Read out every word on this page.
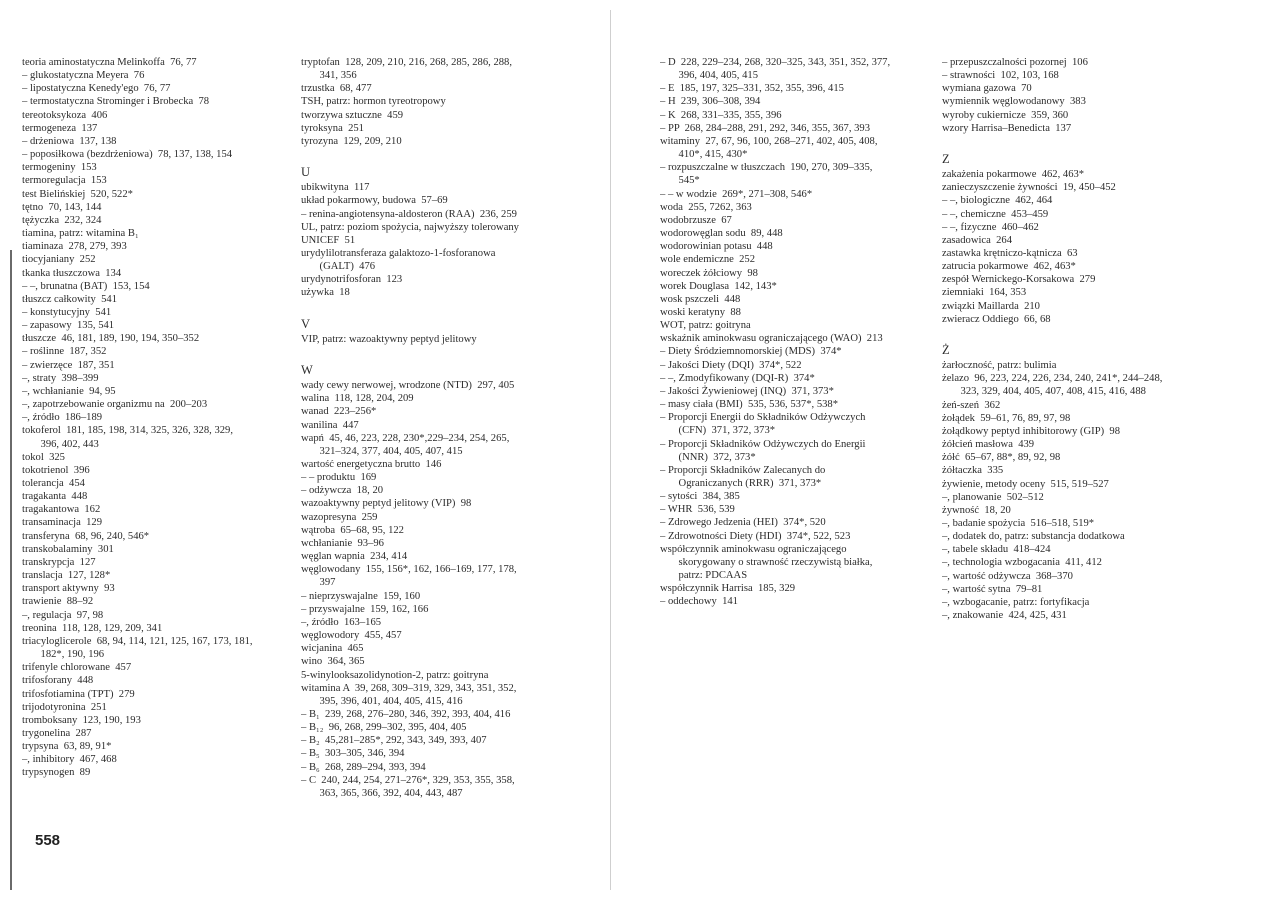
teoria aminostatyczna Melinkoffa  76, 77
– glukostatyczna Meyera  76
– lipostatyczna Kenedy'ego  76, 77
– termostatyczna Strominger i Brobecka  78
tereotoksykoza  406
termogeneza  137
– drżeniowa  137, 138
– poposiłkowa (bezdrżeniowa)  78, 137, 138, 154
termogeniny  153
termoregulacja  153
test Bielińskiej  520, 522*
tętno  70, 143, 144
tężyczka  232, 324
tiamina, patrz: witamina B₁
tiaminaza  278, 279, 393
tiocyjaniany  252
tkanka tłuszczowa  134
– –, brunatna (BAT)  153, 154
tłuszcz całkowity  541
– konstytucyjny  541
– zapasowy  135, 541
tłuszcze  46, 181, 189, 190, 194, 350–352
– roślinne  187, 352
– zwierzęce  187, 351
–, straty  398–399
–, wchłanianie  94, 95
–, zapotrzebowanie organizmu na  200–203
–, źródło  186–189
tokoferol  181, 185, 198, 314, 325, 326, 328, 329,
396, 402, 443
tokol  325
tokotrienol  396
tolerancja  454
tragakanta  448
tragakantowa  162
transaminacja  129
transferyna  68, 96, 240, 546*
transkobalaminy  301
transkrypcja  127
translacja  127, 128*
transport aktywny  93
trawienie  88–92
–, regulacja  97, 98
treonina  118, 128, 129, 209, 341
triacyloglicerole  68, 94, 114, 121, 125, 167, 173, 181,
182*, 190, 196
trifenyle chlorowane  457
trifosforany  448
trifosfotiamina (TPT)  279
trijodotyronina  251
tromboksany  123, 190, 193
trygonelina  287
trypsyna  63, 89, 91*
–, inhibitory  467, 468
trypsynogen  89
tryptofan  128, 209, 210, 216, 268, 285, 286, 288,
341, 356
trzustka  68, 477
TSH, patrz: hormon tyreotropowy
tworzywa sztuczne  459
tyroksyna  251
tyrozyna  129, 209, 210
U
ubikwityna  117
układ pokarmowy, budowa  57–69
– renina-angiotensyna-aldosteron (RAA)  236, 259
UL, patrz: poziom spożycia, najwyższy tolerowany
UNICEF  51
urydylilotransferaza galaktozo-1-fosforanowa
(GALT)  476
urydynotrifosforan  123
używka  18
V
VIP, patrz: wazoaktywny peptyd jelitowy
W
wady cewy nerwowej, wrodzone (NTD)  297, 405
walina  118, 128, 204, 209
wanad  223–256*
wanilina  447
wapń  45, 46, 223, 228, 230*,229–234, 254, 265,
321–324, 377, 404, 405, 407, 415
wartość energetyczna brutto  146
– – produktu  169
– odżywcza  18, 20
wazoaktywny peptyd jelitowy (VIP)  98
wazopresyna  259
wątroba  65–68, 95, 122
wchłanianie  93–96
węglan wapnia  234, 414
węglowodany  155, 156*, 162, 166–169, 177, 178,
397
– nieprzyswajalne  159, 160
– przyswajalne  159, 162, 166
–, źródło  163–165
węglowodory  455, 457
wicjanina  465
wino  364, 365
5-winylooksazolidynotion-2, patrz: goitryna
witamina A  39, 268, 309–319, 329, 343, 351, 352,
395, 396, 401, 404, 405, 415, 416
– B₁  239, 268, 276–280, 346, 392, 393, 404, 416
– B₁₂  96, 268, 299–302, 395, 404, 405
– B₂  45,281–285*, 292, 343, 349, 393, 407
– B₅  303–305, 346, 394
– B₆  268, 289–294, 393, 394
– C  240, 244, 254, 271–276*, 329, 353, 355, 358,
363, 365, 366, 392, 404, 443, 487
– D  228, 229–234, 268, 320–325, 343, 351, 352, 377,
396, 404, 405, 415
– E  185, 197, 325–331, 352, 355, 396, 415
– H  239, 306–308, 394
– K  268, 331–335, 355, 396
– PP  268, 284–288, 291, 292, 346, 355, 367, 393
witaminy  27, 67, 96, 100, 268–271, 402, 405, 408,
410*, 415, 430*
– rozpuszczalne w tłuszczach  190, 270, 309–335,
545*
– – w wodzie  269*, 271–308, 546*
woda  255, 7262, 363
wodobrzusze  67
wodorowęglan sodu  89, 448
wodorowinian potasu  448
wole endemiczne  252
woreczek żółciowy  98
worek Douglasa  142, 143*
wosk pszczeli  448
woski keratyny  88
WOT, patrz: goitryna
wskaźnik aminokwasu ograniczającego (WAO)  213
– Diety Śródziemnomorskiej (MDS)  374*
– Jakości Diety (DQI)  374*, 522
– –, Zmodyfikowany (DQI-R)  374*
– Jakości Żywieniowej (INQ)  371, 373*
– masy ciała (BMI)  535, 536, 537*, 538*
– Proporcji Energii do Składników Odżywczych
(CFN)  371, 372, 373*
– Proporcji Składników Odżywczych do Energii
(NNR)  372, 373*
– Proporcji Składników Zalecanych do
Ograniczanych (RRR)  371, 373*
– sytości  384, 385
– WHR  536, 539
– Zdrowego Jedzenia (HEI)  374*, 520
– Zdrowotności Diety (HDI)  374*, 522, 523
współczynnik aminokwasu ograniczającego
skorygowany o strawność rzeczywistą białka,
patrz: PDCAAS
współczynnik Harrisa  185, 329
– oddechowy  141
– przepuszczalności pozornej  106
– strawności  102, 103, 168
wymiana gazowa  70
wymiennik węglowodanowy  383
wyroby cukiernicze  359, 360
wzory Harrisa–Benedicta  137
Z
zakażenia pokarmowe  462, 463*
zanieczyszczenie żywności  19, 450–452
– –, biologiczne  462, 464
– –, chemiczne  453–459
– –, fizyczne  460–462
zasadowica  264
zastawka krętniczo-kątnicza  63
zatrucia pokarmowe  462, 463*
zespół Wernickego-Korsakowa  279
ziemniaki  164, 353
związki Maillarda  210
zwieracz Oddiego  66, 68
Ż
żarłoczność, patrz: bulimia
żelazo  96, 223, 224, 226, 234, 240, 241*, 244–248,
323, 329, 404, 405, 407, 408, 415, 416, 488
żeń-szeń  362
żołądek  59–61, 76, 89, 97, 98
żołądkowy peptyd inhibitorowy (GIP)  98
żółcień masłowa  439
żółć  65–67, 88*, 89, 92, 98
żółtaczka  335
żywienie, metody oceny  515, 519–527
–, planowanie  502–512
żywność  18, 20
–, badanie spożycia  516–518, 519*
–, dodatek do, patrz: substancja dodatkowa
–, tabele składu  418–424
–, technologia wzbogacania  411, 412
–, wartość odżywcza  368–370
–, wartość sytna  79–81
–, wzbogacanie, patrz: fortyfikacja
–, znakowanie  424, 425, 431
558
